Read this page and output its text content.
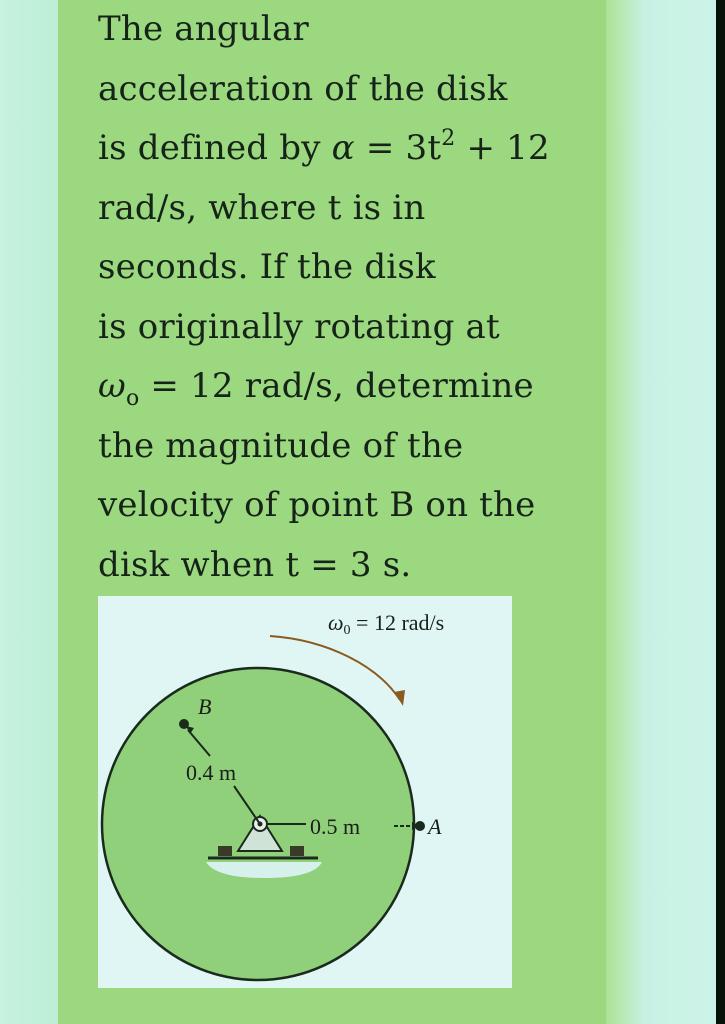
The angular
acceleration of the disk
is defined by $\alpha = 3t^2 + 12$
rad/s, where t is in
seconds. If the disk
is originally rotating at
$\omega_o = 12$ rad/s, determine
the magnitude of the
velocity of point B on the
disk when t = 3 s.
$\omega_0 = 12$ rad/s
B
0.4 m
0.5 m	A
